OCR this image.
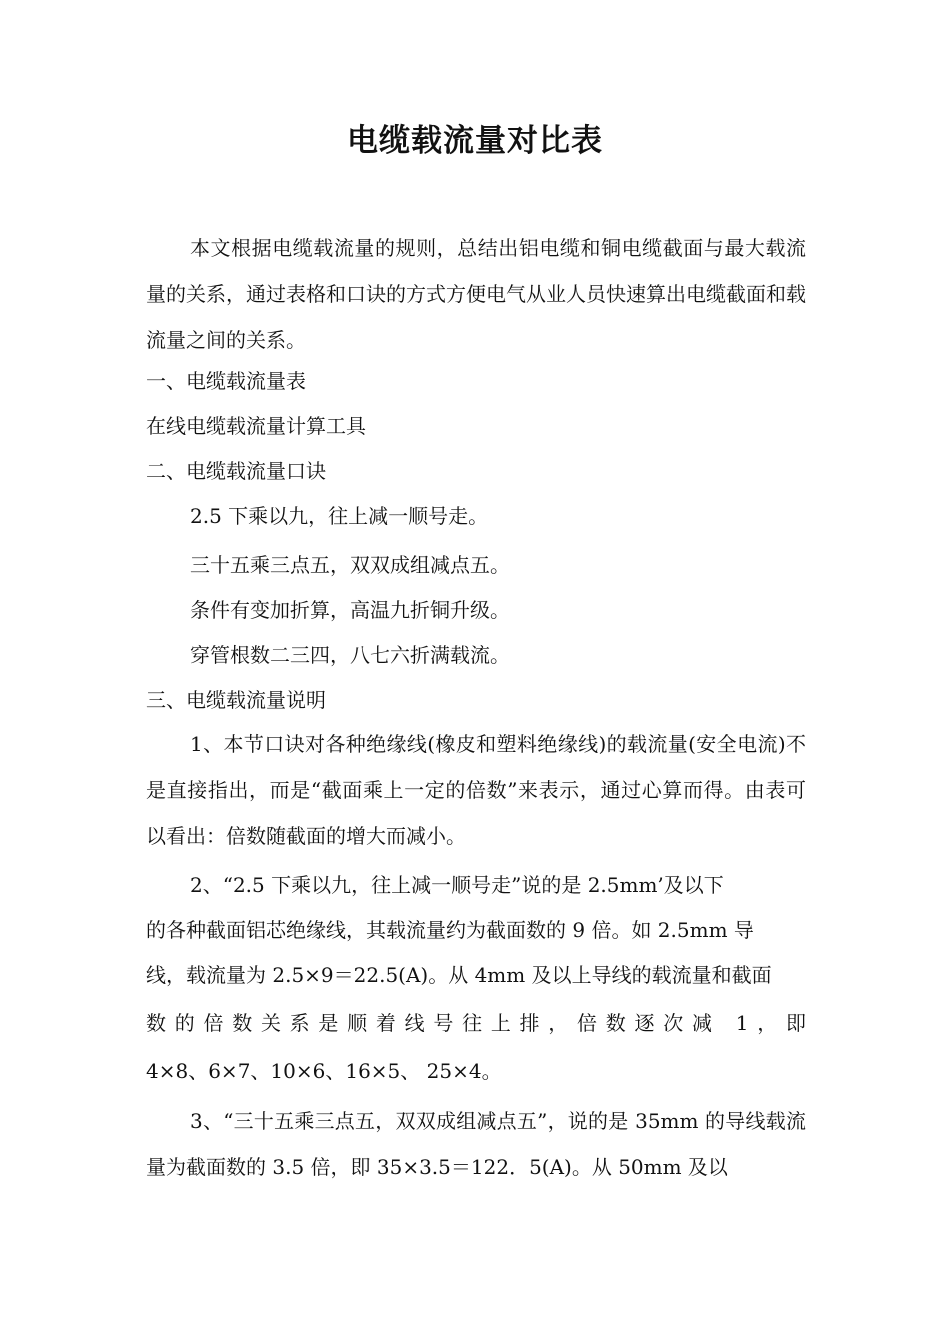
电缆载流量对比表
本文根据电缆载流量的规则，总结出铝电缆和铜电缆截面与最大载流量的关系，通过表格和口诀的方式方便电气从业人员快速算出电缆截面和载流量之间的关系。
一、电缆载流量表
在线电缆载流量计算工具
二、电缆载流量口诀
2.5 下乘以九，往上减一顺号走。
三十五乘三点五，双双成组减点五。
条件有变加折算，高温九折铜升级。
穿管根数二三四，八七六折满载流。
三、电缆载流量说明
1、本节口诀对各种绝缘线(橡皮和塑料绝缘线)的载流量(安全电流)不是直接指出，而是“截面乘上一定的倍数”来表示，通过心算而得。由表可以看出：倍数随截面的增大而减小。
2、“2.5 下乘以九，往上减一顺号走”说的是 2.5mm’及以下
的各种截面铝芯绝缘线，其载流量约为截面数的 9 倍。如 2.5mm 导
线，载流量为 2.5×9＝22.5(A)。从 4mm 及以上导线的载流量和截面
数的倍数关系是顺着线号往上排，倍数逐次减 1，即
4×8、6×7、10×6、16×5、 25×4。
3、“三十五乘三点五，双双成组减点五”，说的是 35mm 的导线载流量为截面数的 3.5 倍，即 35×3.5＝122．5(A)。从 50mm 及以
